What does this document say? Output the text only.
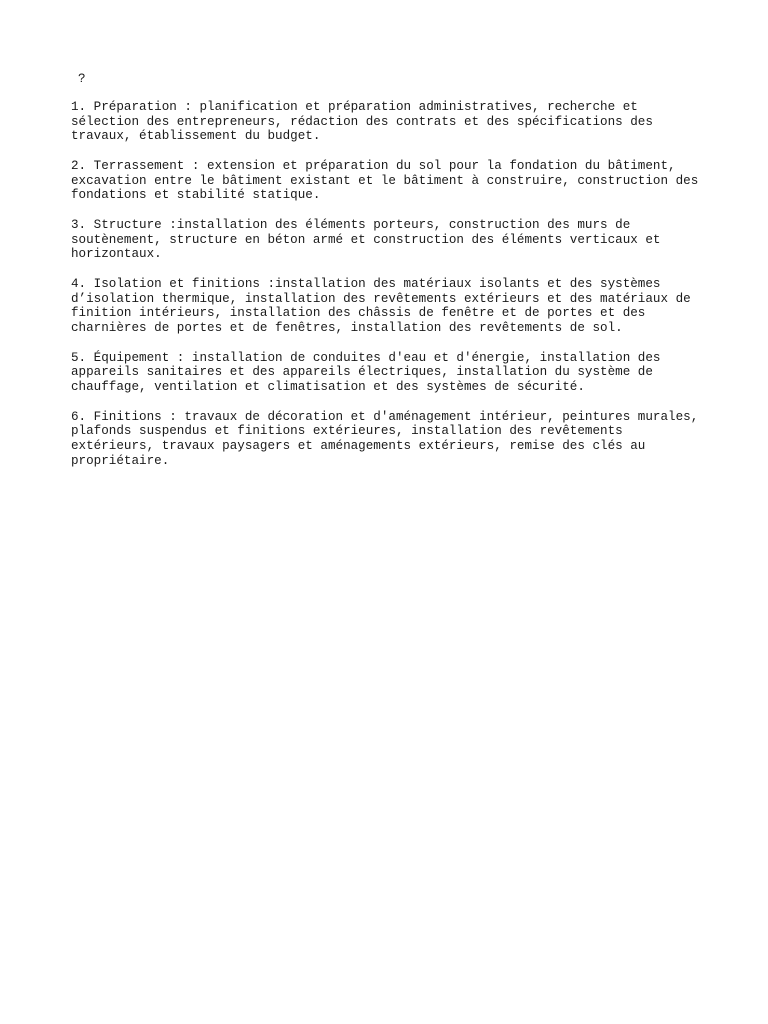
?
1. Préparation : planification et préparation administratives, recherche et
sélection des entrepreneurs, rédaction des contrats et des spécifications des
travaux, établissement du budget.
2. Terrassement : extension et préparation du sol pour la fondation du bâtiment,
excavation entre le bâtiment existant et le bâtiment à construire, construction des
fondations et stabilité statique.
3. Structure :installation des éléments porteurs, construction des murs de
soutènement, structure en béton armé et construction des éléments verticaux et
horizontaux.
4. Isolation et finitions :installation des matériaux isolants et des systèmes
d’isolation thermique, installation des revêtements extérieurs et des matériaux de
finition intérieurs, installation des châssis de fenêtre et de portes et des
charnières de portes et de fenêtres, installation des revêtements de sol.
5. Équipement : installation de conduites d'eau et d'énergie, installation des
appareils sanitaires et des appareils électriques, installation du système de
chauffage, ventilation et climatisation et des systèmes de sécurité.
6. Finitions : travaux de décoration et d'aménagement intérieur, peintures murales,
plafonds suspendus et finitions extérieures, installation des revêtements
extérieurs, travaux paysagers et aménagements extérieurs, remise des clés au
propriétaire.
